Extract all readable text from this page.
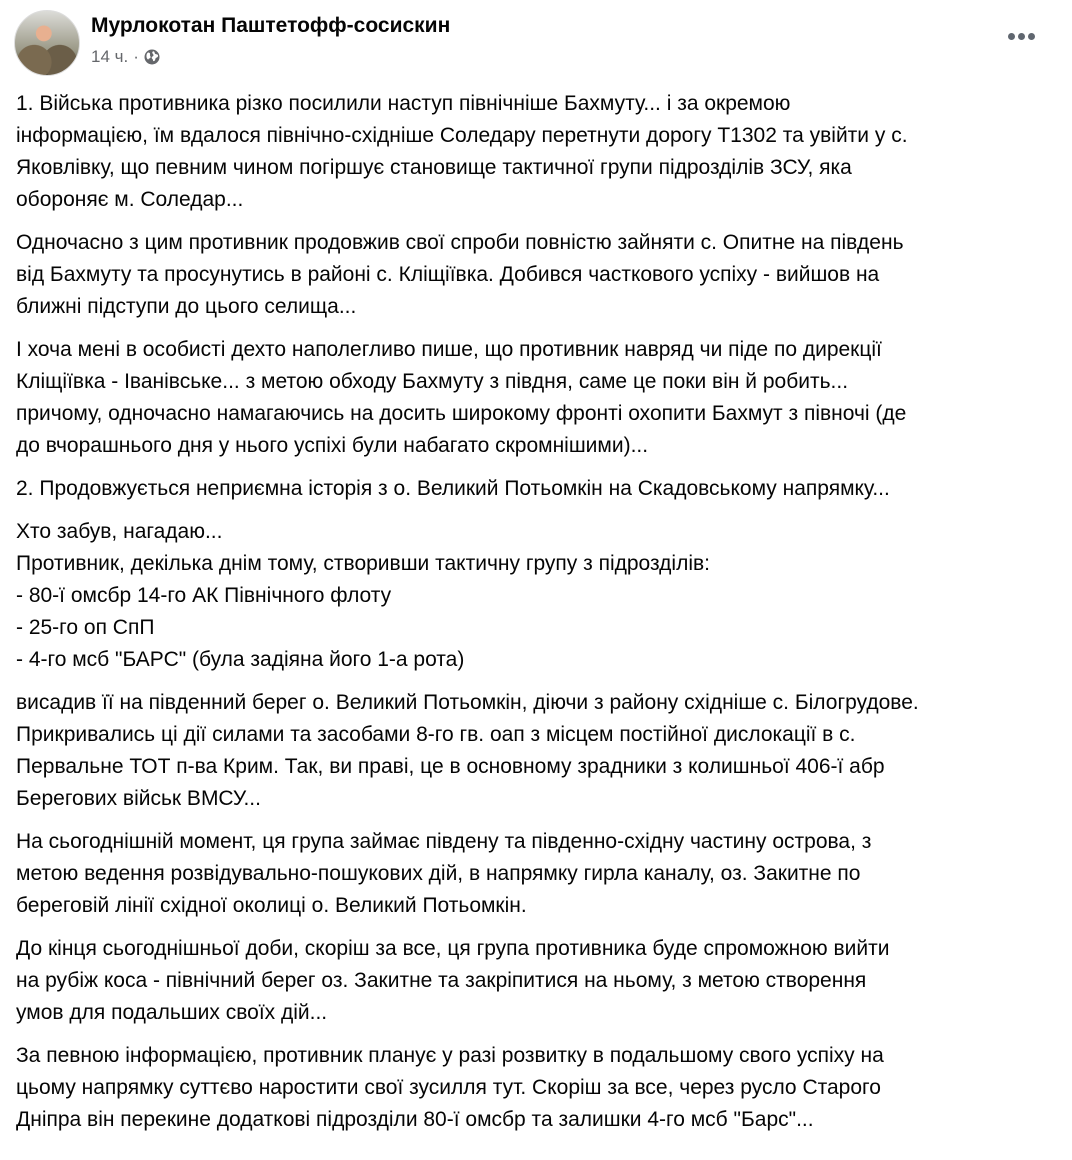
Мурлокотан Паштетофф-сосискин
14 ч. ·
1. Війська противника різко посилили наступ північніше Бахмуту... і за окремою
інформацією, їм вдалося північно-східніше Соледару перетнути дорогу Т1302 та увійти у с.
Яковлівку, що певним чином погіршує становище тактичної групи підрозділів ЗСУ, яка
обороняє м. Соледар...
Одночасно з цим противник продовжив свої спроби повністю зайняти с. Опитне на південь
від Бахмуту та просунутись в районі с. Кліщіївка. Добився часткового успіху - вийшов на
ближні підступи до цього селища...
І хоча мені в особисті дехто наполегливо пише, що противник навряд чи піде по дирекції
Кліщіївка - Іванівське... з метою обходу Бахмуту з півдня, саме це поки він й робить...
причому, одночасно намагаючись на досить широкому фронті охопити Бахмут з півночі (де
до вчорашнього дня у нього успіхі були набагато скромнішими)...
2. Продовжується неприємна історія з о. Великий Потьомкін на Скадовському напрямку...
Хто забув, нагадаю...
Противник, декілька днім тому, створивши тактичну групу з підрозділів:
- 80-ї омсбр 14-го АК Північного флоту
- 25-го оп СпП
- 4-го мсб "БАРС" (була задіяна його 1-а рота)
висадив її на південний берег о. Великий Потьомкін, діючи з району східніше с. Білогрудове.
Прикривались ці дії силами та засобами 8-го гв. оап з місцем постійної дислокації в с.
Первальне ТОТ п-ва Крим. Так, ви праві, це в основному зрадники з колишньої 406-ї абр
Берегових військ ВМСУ...
На сьогоднішній момент, ця група займає південу та південно-східну частину острова, з
метою ведення розвідувально-пошукових дій, в напрямку гирла каналу, оз. Закитне по
береговій лінії східної околиці о. Великий Потьомкін.
До кінця сьогоднішньої доби, скоріш за все, ця група противника буде спроможною вийти
на рубіж коса - північний берег оз. Закитне та закріпитися на ньому, з метою створення
умов для подальших своїх дій...
За певною інформацією, противник планує у разі розвитку в подальшому свого успіху на
цьому напрямку суттєво наростити свої зусилля тут. Скоріш за все, через русло Старого
Дніпра він перекине додаткові підрозділи 80-ї омсбр та залишки 4-го мсб "Барс"...
